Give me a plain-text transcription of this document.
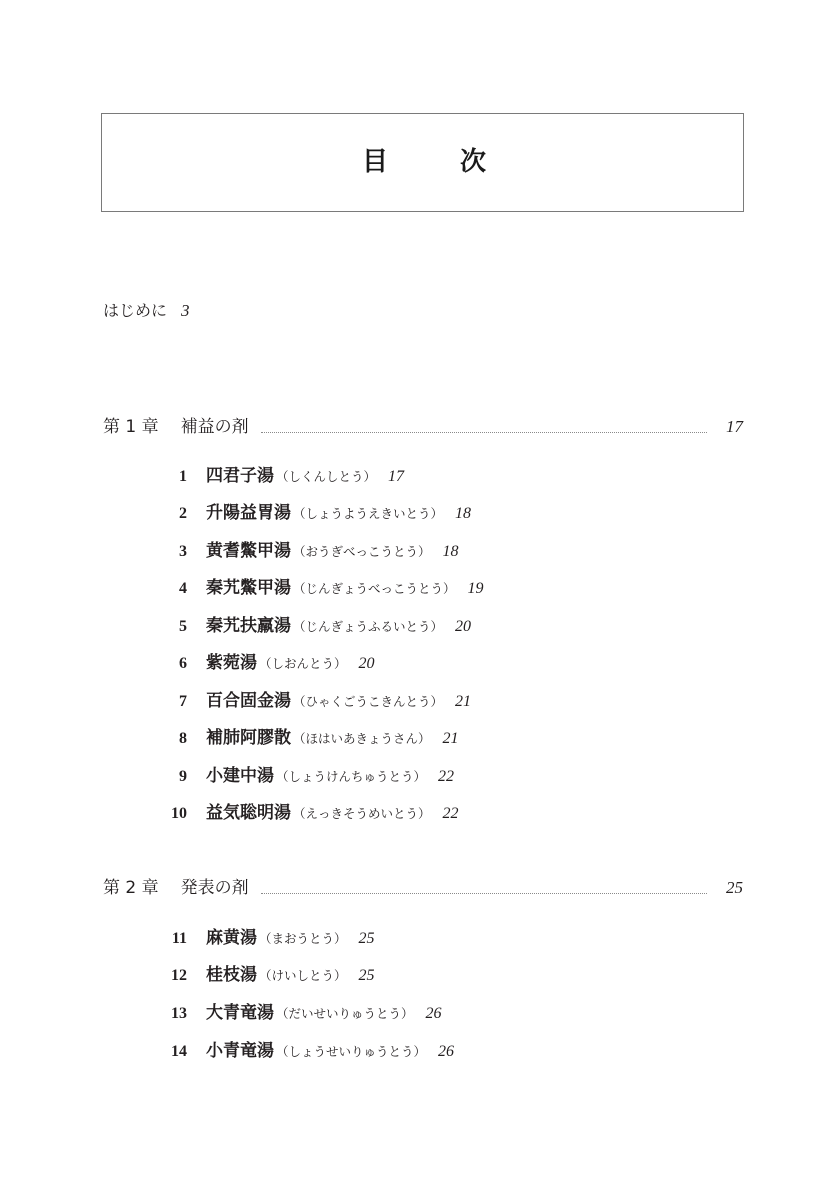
目	次
はじめに 3
第 1 章 補益の剤	17
1 四君子湯 （しくんしとう） 17
2 升陽益胃湯 （しょうようえきいとう） 18
3 黄耆鱉甲湯 （おうぎべっこうとう） 18
4 秦艽鱉甲湯 （じんぎょうべっこうとう） 19
5 秦艽扶羸湯 （じんぎょうふるいとう） 20
6 紫菀湯 （しおんとう） 20
7 百合固金湯 （ひゃくごうこきんとう） 21
8 補肺阿膠散 （ほはいあきょうさん） 21
9 小建中湯 （しょうけんちゅうとう） 22
10 益気聡明湯 （えっきそうめいとう） 22
第 2 章 発表の剤	25
11 麻黄湯 （まおうとう） 25
12 桂枝湯 （けいしとう） 25
13 大青竜湯 （だいせいりゅうとう） 26
14 小青竜湯 （しょうせいりゅうとう） 26
